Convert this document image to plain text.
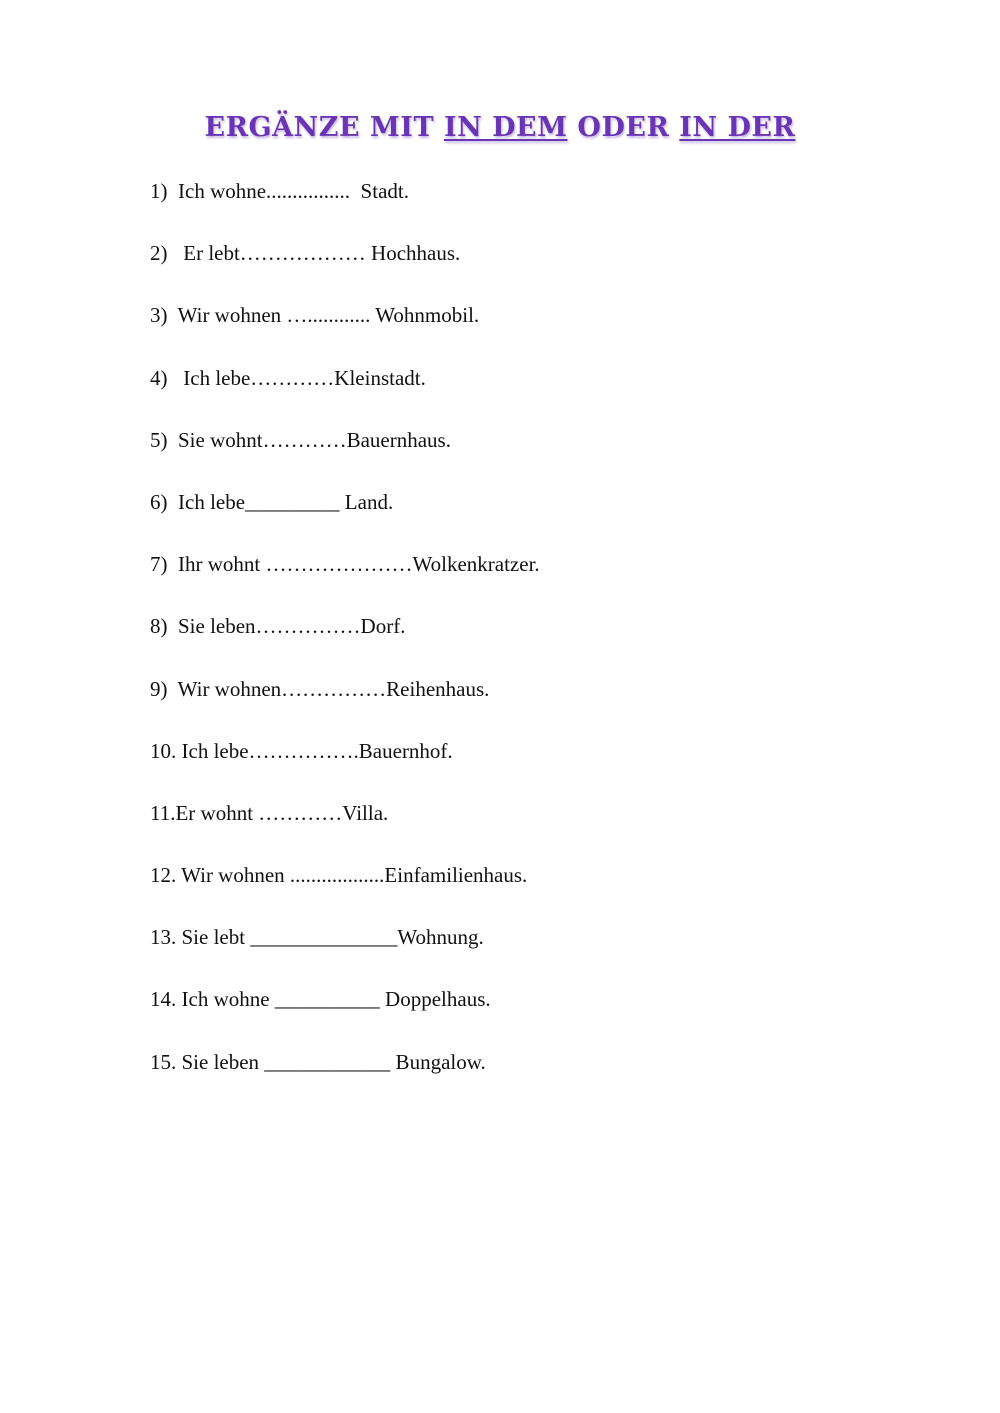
ERGÄNZE MIT IN DEM ODER IN DER
1) Ich wohne................  Stadt.
2)   Er lebt……………… Hochhaus.
3) Wir wohnen …............ Wohnmobil.
4)   Ich lebe…………Kleinstadt.
5) Sie wohnt…………Bauernhaus.
6) Ich lebe_________ Land.
7) Ihr wohnt …………………Wolkenkratzer.
8) Sie leben……………Dorf.
9) Wir wohnen……………Reihenhaus.
10. Ich lebe…………….Bauernhof.
11.Er wohnt …………Villa.
12. Wir wohnen ..................Einfamilienhaus.
13. Sie lebt ______________Wohnung.
14. Ich wohne __________ Doppelhaus.
15. Sie leben ____________ Bungalow.
